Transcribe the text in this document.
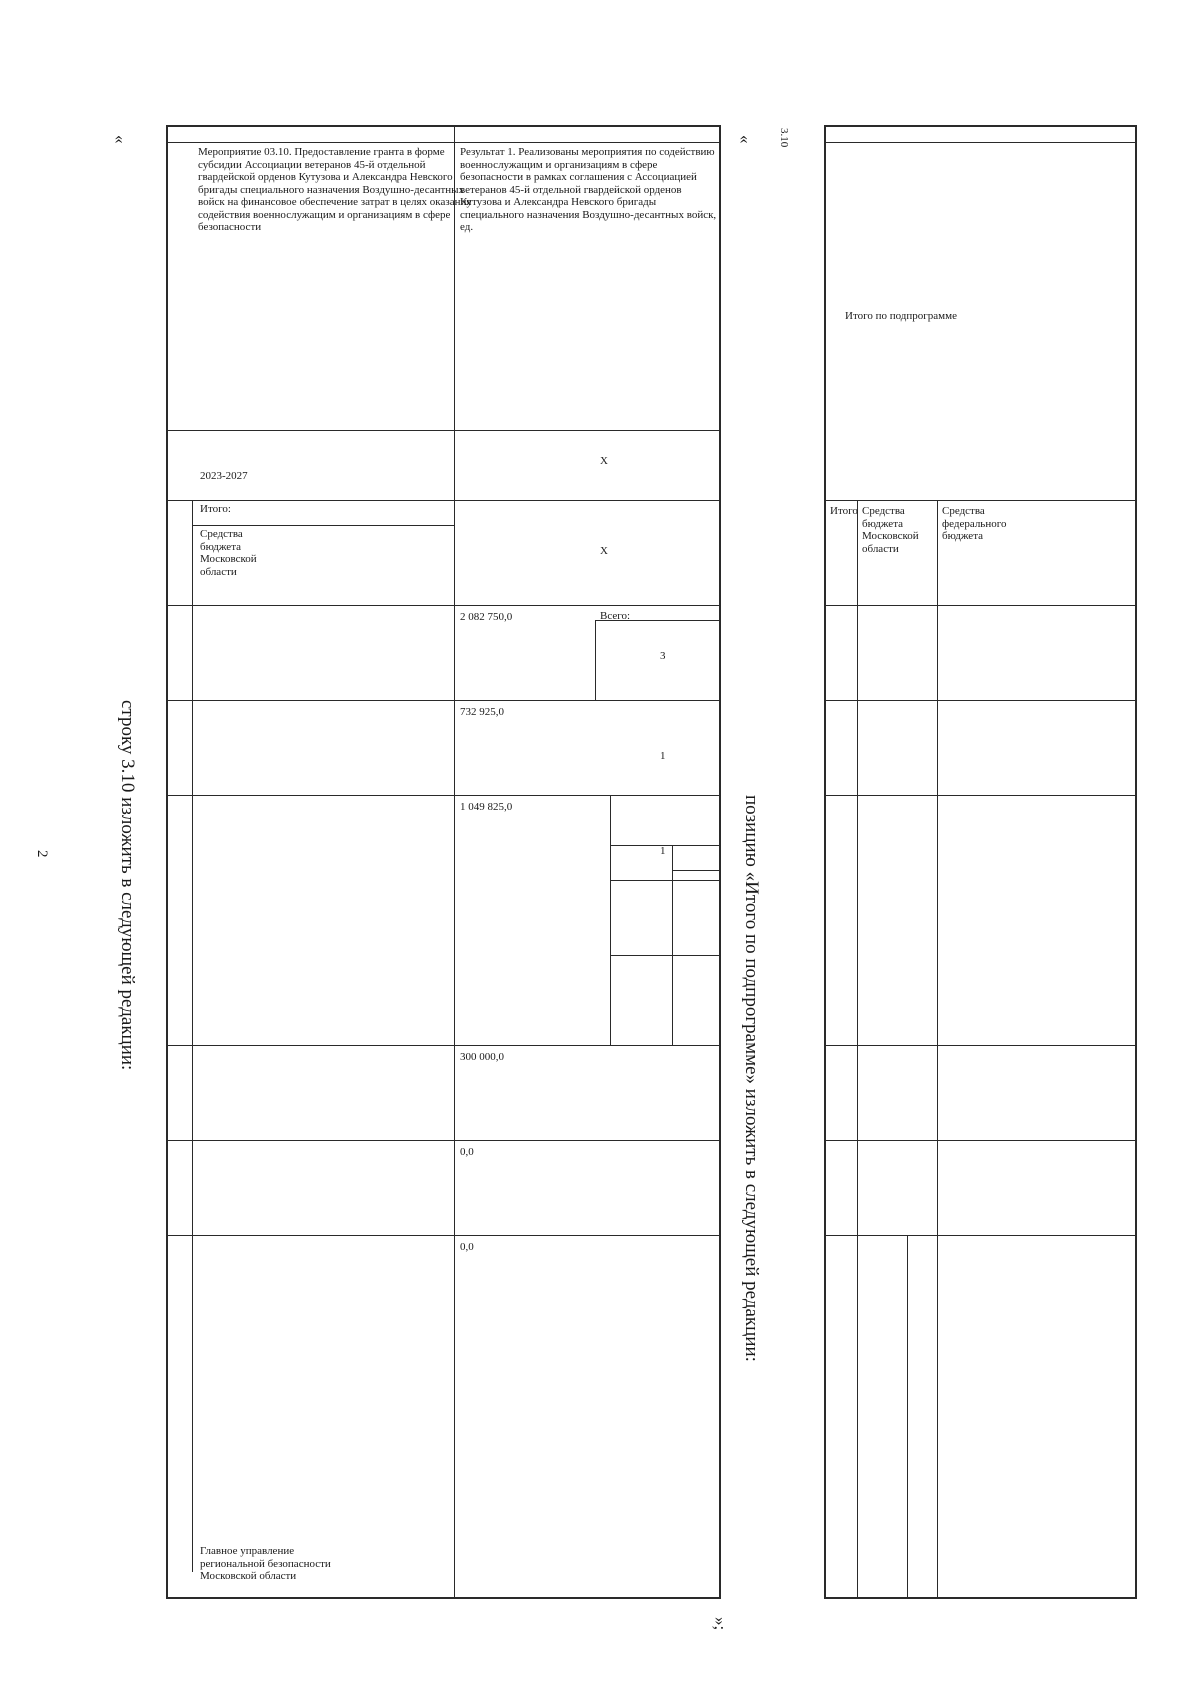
2	строку 3.10 изложить в следующей редакции:
«
позицию «Итого по подпрограмме» изложить в следующей редакции:
«
»;
3.10
Мероприятие 03.10. Предоставление гранта в форме субсидии Ассоциации ветеранов 45-й отдельной гвардейской орденов Кутузова и Александра Невского бригады специального назначения Воздушно-десантных войск на финансовое обеспечение затрат в целях оказания содействия военнослужащим и организациям в сфере безопасности
2023-2027
Итого:
Средства бюджета Московской области
2 082 750,0
732 925,0
1 049 825,0
300 000,0
0,0
0,0
Главное управление региональной безопасности Московской области
Результат 1. Реализованы мероприятия по содействию военнослужащим и организациям в сфере безопасности в рамках соглашения с Ассоциацией ветеранов 45-й отдельной гвардейской орденов Кутузова и Александра Невского бригады специального назначения Воздушно-десантных войск, ед.
Х
Х
Всего:
3
1
1
Итого по подпрограмме
Итого Средства бюджета Московской области
Средства федерального бюджета
